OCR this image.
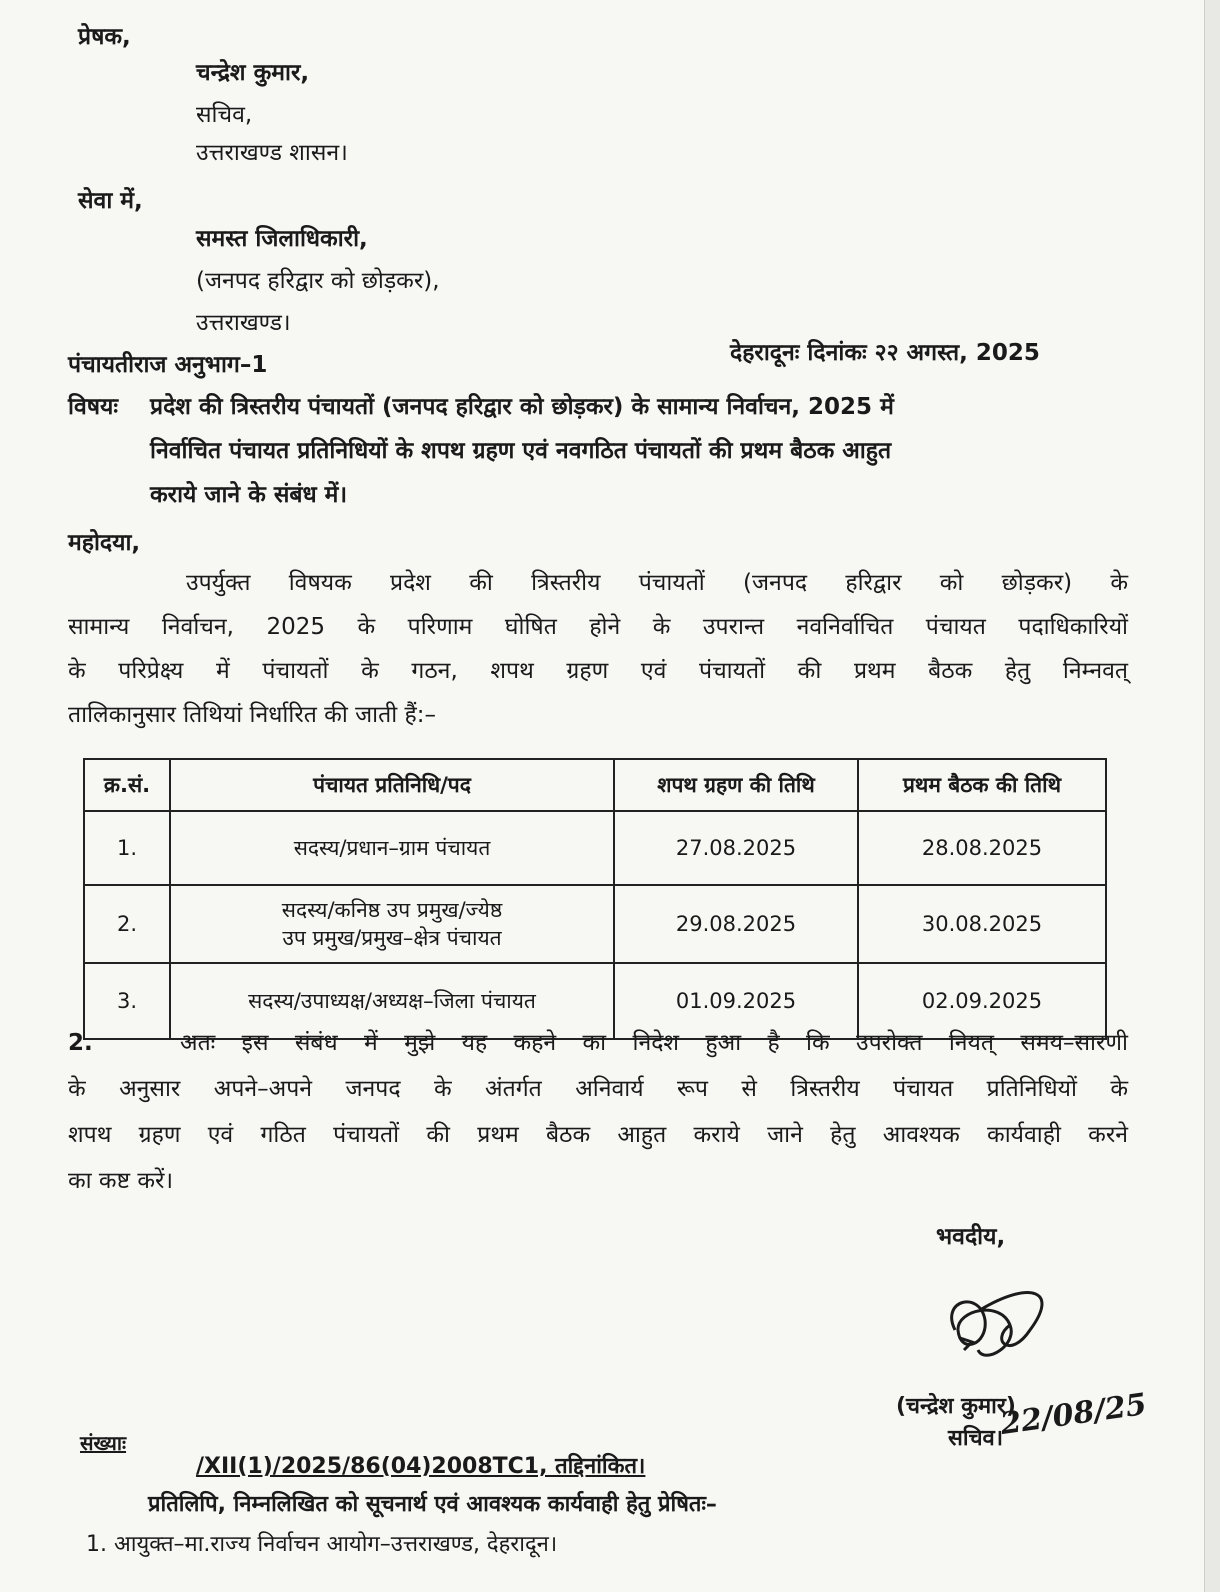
प्रेषक,
चन्द्रेश कुमार,
सचिव,
उत्तराखण्ड शासन।
सेवा में,
समस्त जिलाधिकारी,
(जनपद हरिद्वार को छोड़कर),
उत्तराखण्ड।
पंचायतीराज अनुभाग–1	देहरादूनः दिनांकः २२ अगस्त, 2025
विषयः प्रदेश की त्रिस्तरीय पंचायतों (जनपद हरिद्वार को छोड़कर) के सामान्य निर्वाचन, 2025 में
निर्वाचित पंचायत प्रतिनिधियों के शपथ ग्रहण एवं नवगठित पंचायतों की प्रथम बैठक आहुत
कराये जाने के संबंध में।
महोदया,
उपर्युक्त विषयक प्रदेश की त्रिस्तरीय पंचायतों (जनपद हरिद्वार को छोड़कर) के
सामान्य निर्वाचन, 2025 के परिणाम घोषित होने के उपरान्त नवनिर्वाचित पंचायत पदाधिकारियों
के परिप्रेक्ष्य में पंचायतों के गठन, शपथ ग्रहण एवं पंचायतों की प्रथम बैठक हेतु निम्नवत्
तालिकानुसार तिथियां निर्धारित की जाती हैं:–
क्र.सं.	पंचायत प्रतिनिधि/पद	शपथ ग्रहण की तिथि	प्रथम बैठक की तिथि
1.	सदस्य/प्रधान–ग्राम पंचायत	27.08.2025	28.08.2025
2.	सदस्य/कनिष्ठ उप प्रमुख/ज्येष्ठ
उप प्रमुख/प्रमुख–क्षेत्र पंचायत	29.08.2025	30.08.2025
3.	सदस्य/उपाध्यक्ष/अध्यक्ष–जिला पंचायत	01.09.2025	02.09.2025
2.	अतः इस संबंध में मुझे यह कहने का निदेश हुआ है कि उपरोक्त नियत् समय–सारणी
के अनुसार अपने–अपने जनपद के अंतर्गत अनिवार्य रूप से त्रिस्तरीय पंचायत प्रतिनिधियों के
शपथ ग्रहण एवं गठित पंचायतों की प्रथम बैठक आहुत कराये जाने हेतु आवश्यक कार्यवाही करने
का कष्ट करें।
भवदीय,
(चन्द्रेश कुमार)
सचिव।
22/08/25
संख्याः
/XII(1)/2025/86(04)2008TC1, तद्दिनांकित।
प्रतिलिपि, निम्नलिखित को सूचनार्थ एवं आवश्यक कार्यवाही हेतु प्रेषितः–
1. आयुक्त–मा.राज्य निर्वाचन आयोग–उत्तराखण्ड, देहरादून।
